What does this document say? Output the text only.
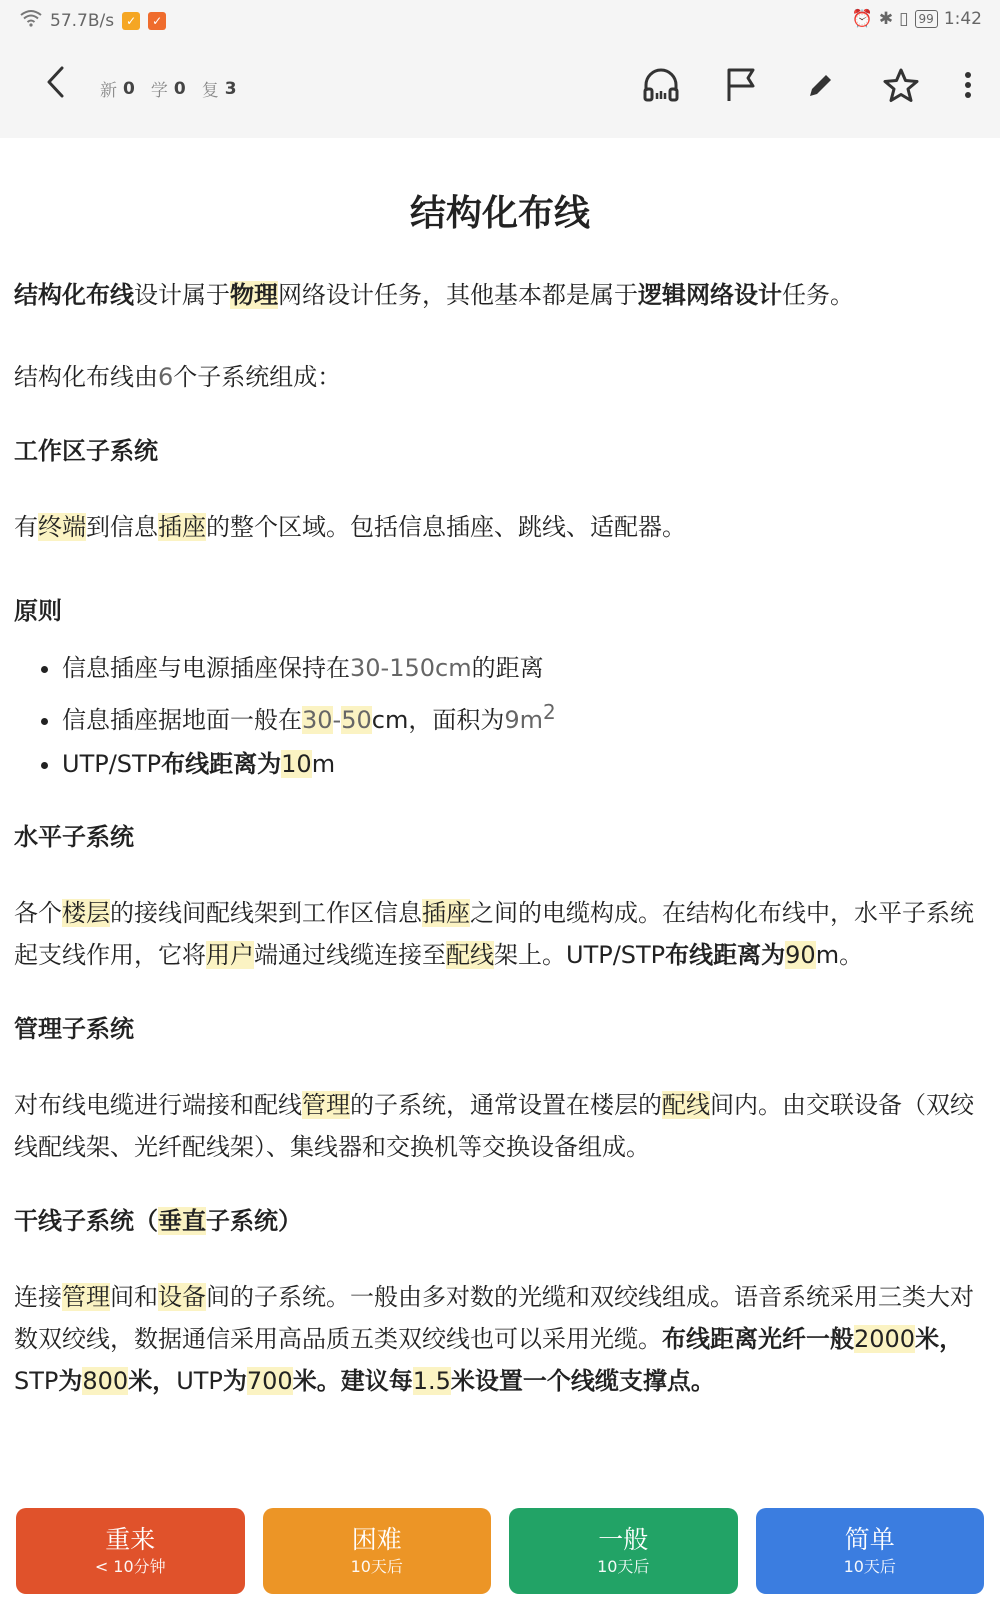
57.7B/s ✓	✓	⏰ ✱ ▯ 99 1:42
新 0 学 0 复 3
结构化布线

结构化布线设计属于物理网络设计任务，其他基本都是属于逻辑网络设计任务。

结构化布线由6个子系统组成：

工作区子系统

有终端到信息插座的整个区域。包括信息插座、跳线、适配器。

原则

• 信息插座与电源插座保持在30-150cm的距离
• 信息插座据地面一般在30-50cm，面积为$9m^2$
• UTP/STP布线距离为10m

水平子系统

各个楼层的接线间配线架到工作区信息插座之间的电缆构成。在结构化布线中，水平子系统起支线作用，它将用户端通过线缆连接至配线架上。UTP/STP布线距离为90m。

管理子系统

对布线电缆进行端接和配线管理的子系统，通常设置在楼层的配线间内。由交联设备（双绞线配线架、光纤配线架）、集线器和交换机等交换设备组成。

干线子系统（垂直子系统）

连接管理间和设备间的子系统。一般由多对数的光缆和双绞线组成。语音系统采用三类大对数双绞线，数据通信采用高品质五类双绞线也可以采用光缆。布线距离光纤一般2000米，STP为800米，UTP为700米。建议每1.5米设置一个线缆支撑点。

重来
< 10分钟
困难
10天后
一般
10天后
简单
10天后
